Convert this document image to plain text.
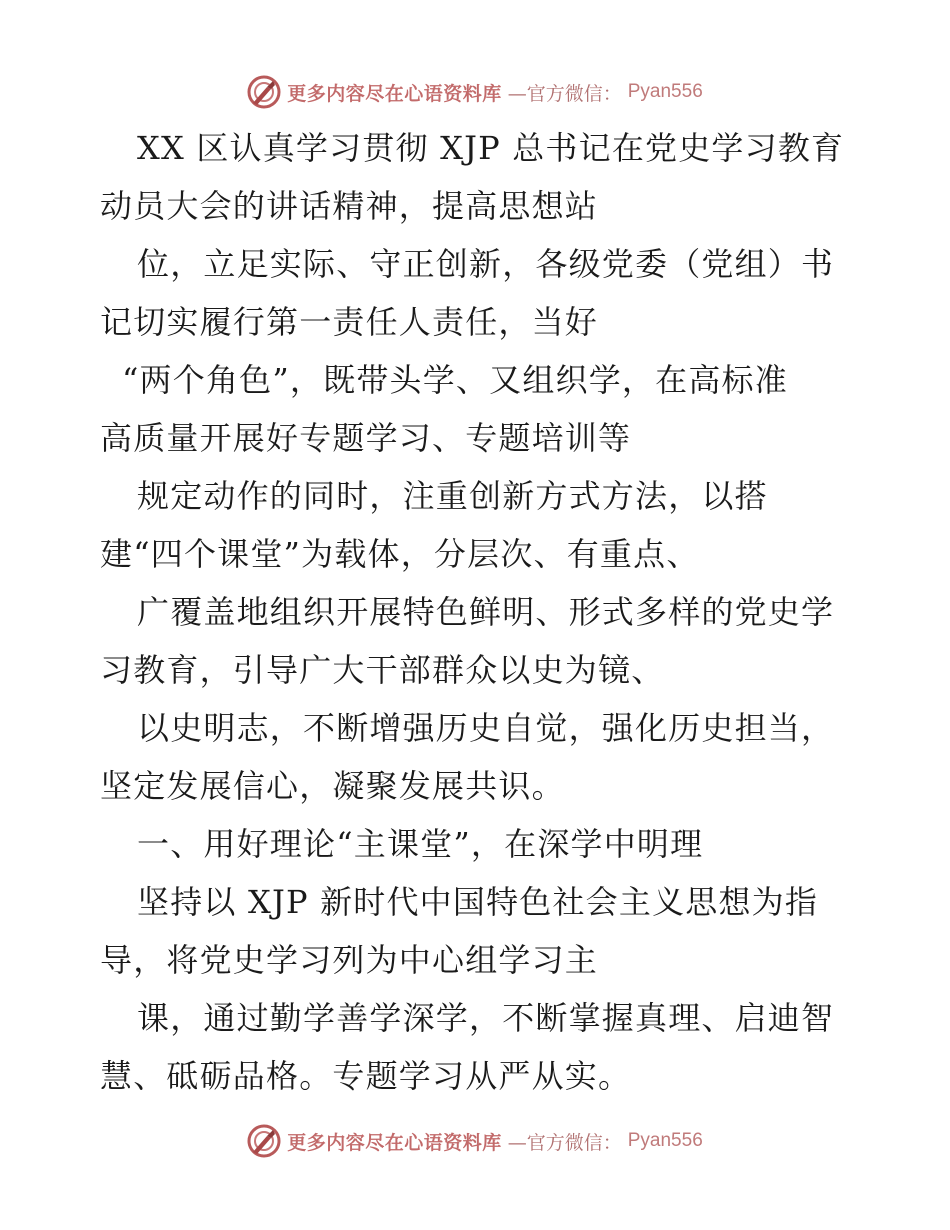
更多内容尽在心语资料库 —官方微信： Pyan556
XX 区认真学习贯彻 XJP 总书记在党史学习教育
动员大会的讲话精神，提高思想站
位，立足实际、守正创新，各级党委（党组）书
记切实履行第一责任人责任，当好
“两个角色”，既带头学、又组织学，在高标准
高质量开展好专题学习、专题培训等
规定动作的同时，注重创新方式方法，以搭
建“四个课堂”为载体，分层次、有重点、
广覆盖地组织开展特色鲜明、形式多样的党史学
习教育，引导广大干部群众以史为镜、
以史明志，不断增强历史自觉，强化历史担当，
坚定发展信心，凝聚发展共识。
一、用好理论“主课堂”，在深学中明理
坚持以 XJP 新时代中国特色社会主义思想为指
导，将党史学习列为中心组学习主
课，通过勤学善学深学，不断掌握真理、启迪智
慧、砥砺品格。专题学习从严从实。
更多内容尽在心语资料库 —官方微信： Pyan556
